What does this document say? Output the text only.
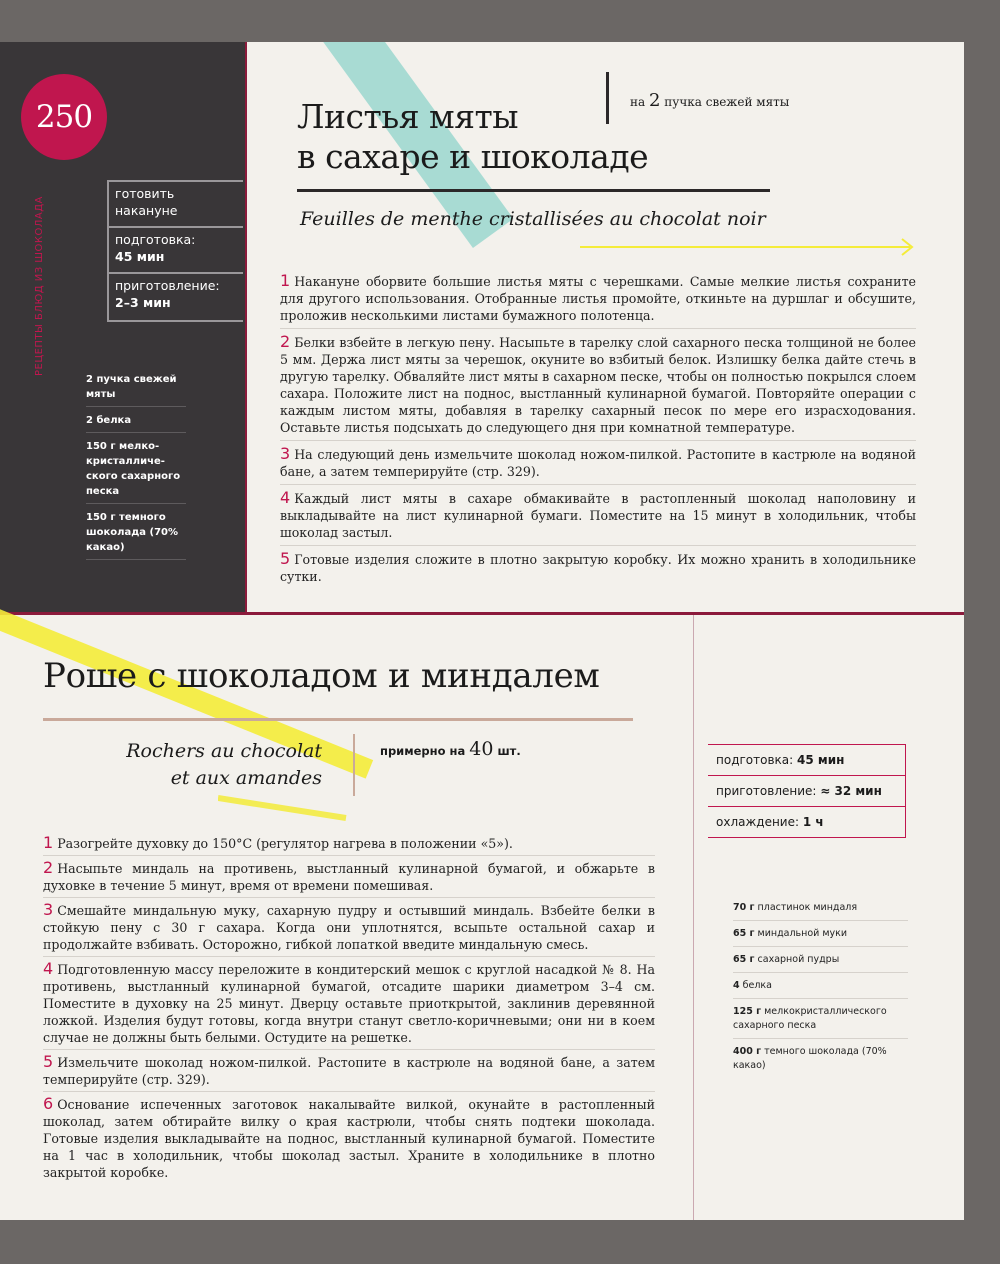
250
РЕЦЕПТЫ БЛЮД ИЗ ШОКОЛАДА
готовить
накануне
подготовка:
45 мин
приготовление:
2–3 мин
2 пучка свежей мяты
2 белка
150 г мелко-кристалличе-ского сахарного песка
150 г темного шоколада (70% какао)
Листья мяты
в сахаре и шоколаде
на 2 пучка свежей мяты
Feuilles de menthe cristallisées au chocolat noir
1 Накануне оборвите большие листья мяты с черешками. Самые мелкие листья сохраните для другого использования. Отобранные листья промойте, откиньте на дуршлаг и обсушите, проложив несколькими листами бумажного полотенца.
2 Белки взбейте в легкую пену. Насыпьте в тарелку слой сахарного песка толщиной не более 5 мм. Держа лист мяты за черешок, окуните во взбитый белок. Излишку белка дайте стечь в другую тарелку. Обваляйте лист мяты в сахарном песке, чтобы он полностью покрылся слоем сахара. Положите лист на поднос, выстланный кулинарной бумагой. Повторяйте операции с каждым листом мяты, добавляя в тарелку сахарный песок по мере его израсходования. Оставьте листья подсыхать до следующего дня при комнатной температуре.
3 На следующий день измельчите шоколад ножом-пилкой. Растопите в кастрюле на водяной бане, а затем темперируйте (стр. 329).
4 Каждый лист мяты в сахаре обмакивайте в растопленный шоколад наполовину и выкладывайте на лист кулинарной бумаги. Поместите на 15 минут в холодильник, чтобы шоколад застыл.
5 Готовые изделия сложите в плотно закрытую коробку. Их можно хранить в холодильнике сутки.
Роше с шоколадом и миндалем
Rochers au chocolat
et aux amandes
примерно на 40 шт.
подготовка: 45 мин
приготовление: ≈ 32 мин
охлаждение: 1 ч
70 г пластинок миндаля
65 г миндальной муки
65 г сахарной пудры
4 белка
125 г мелкокристаллического сахарного песка
400 г темного шоколада (70% какао)
1 Разогрейте духовку до 150°С (регулятор нагрева в положении «5»).
2 Насыпьте миндаль на противень, выстланный кулинарной бумагой, и обжарьте в духовке в течение 5 минут, время от времени помешивая.
3 Смешайте миндальную муку, сахарную пудру и остывший миндаль. Взбейте белки в стойкую пену с 30 г сахара. Когда они уплотнятся, всыпьте остальной сахар и продолжайте взбивать. Осторожно, гибкой лопаткой введите миндальную смесь.
4 Подготовленную массу переложите в кондитерский мешок с круглой насадкой № 8. На противень, выстланный кулинарной бумагой, отсадите шарики диаметром 3–4 см. Поместите в духовку на 25 минут. Дверцу оставьте приоткрытой, заклинив деревянной ложкой. Изделия будут готовы, когда внутри станут светло-коричневыми; они ни в коем случае не должны быть белыми. Остудите на решетке.
5 Измельчите шоколад ножом-пилкой. Растопите в кастрюле на водяной бане, а затем темперируйте (стр. 329).
6 Основание испеченных заготовок накалывайте вилкой, окунайте в растопленный шоколад, затем обтирайте вилку о края кастрюли, чтобы снять подтеки шоколада. Готовые изделия выкладывайте на поднос, выстланный кулинарной бумагой. Поместите на 1 час в холодильник, чтобы шоколад застыл. Храните в холодильнике в плотно закрытой коробке.
